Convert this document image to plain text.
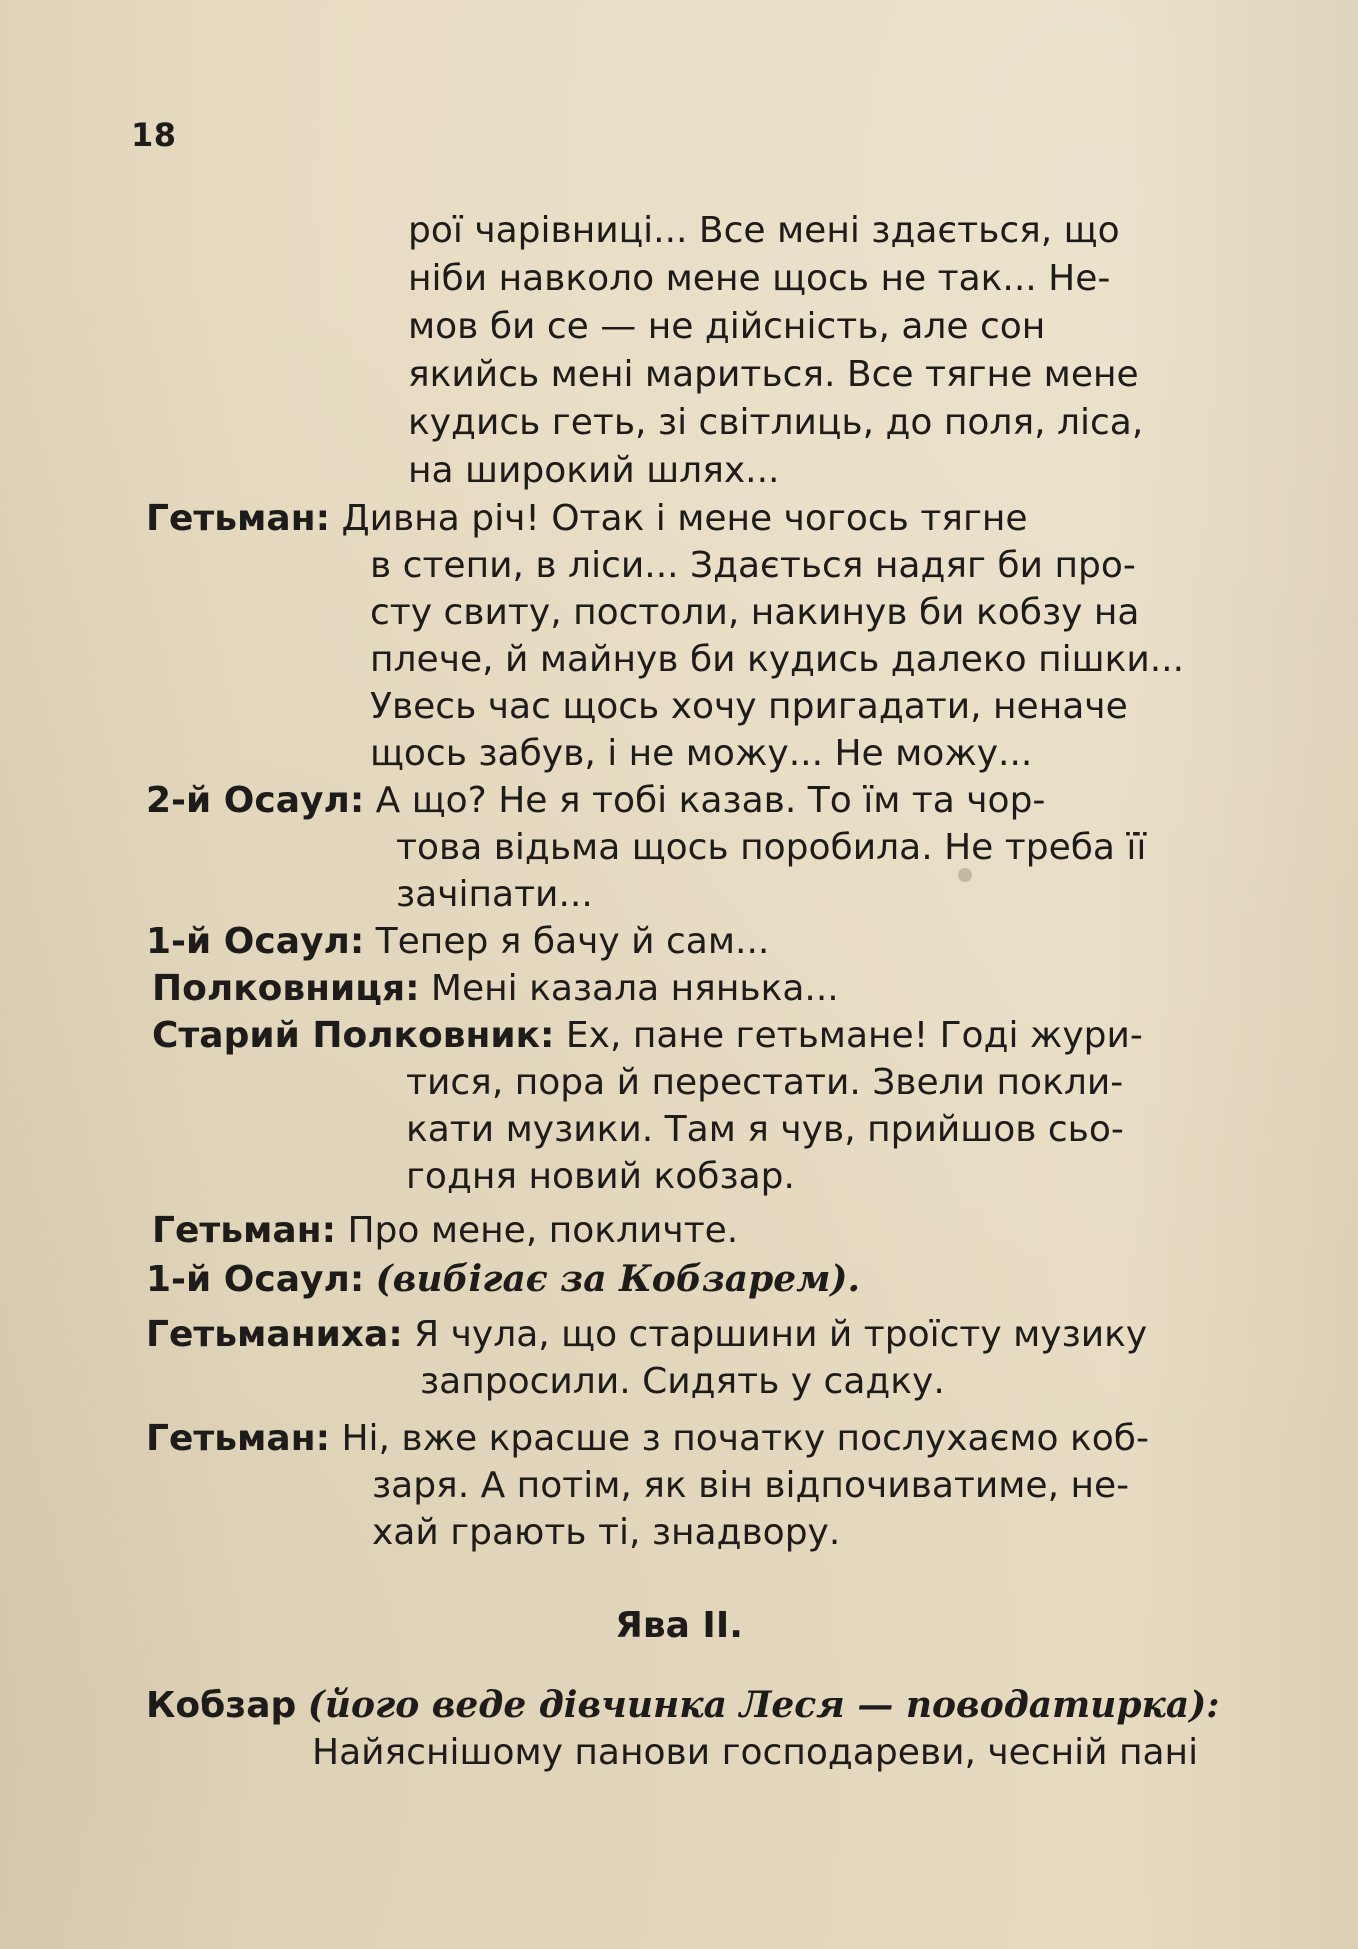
18
рої чарівниці... Все мені здається, що
ніби навколо мене щось не так... Не-
мов би се — не дійсність, але сон
якийсь мені мариться. Все тягне мене
кудись геть, зі світлиць, до поля, ліса,
на широкий шлях...
Гетьман: Дивна річ! Отак і мене чогось тягне
в степи, в ліси... Здається надяг би про-
сту свиту, постоли, накинув би кобзу на
плече, й майнув би кудись далеко пішки...
Увесь час щось хочу пригадати, неначе
щось забув, і не можу... Не можу...
2-й Осаул: А що? Не я тобі казав. То їм та чор-
това відьма щось поробила. Не треба її
зачіпати...
1-й Осаул: Тепер я бачу й сам...
Полковниця: Мені казала нянька...
Старий Полковник: Ех, пане гетьмане! Годі жури-
тися, пора й перестати. Звели покли-
кати музики. Там я чув, прийшов сьо-
годня новий кобзар.
Гетьман: Про мене, покличте.
1-й Осаул: (вибігає за Кобзарем).
Гетьманиха: Я чула, що старшини й троїсту музику
запросили. Сидять у садку.
Гетьман: Ні, вже красше з початку послухаємо коб-
заря. А потім, як він відпочиватиме, не-
хай грають ті, знадвору.
Ява II.
Кобзар (його веде дівчинка Леся — поводатирка):
Найяснішому панови господареви, чесній пані
